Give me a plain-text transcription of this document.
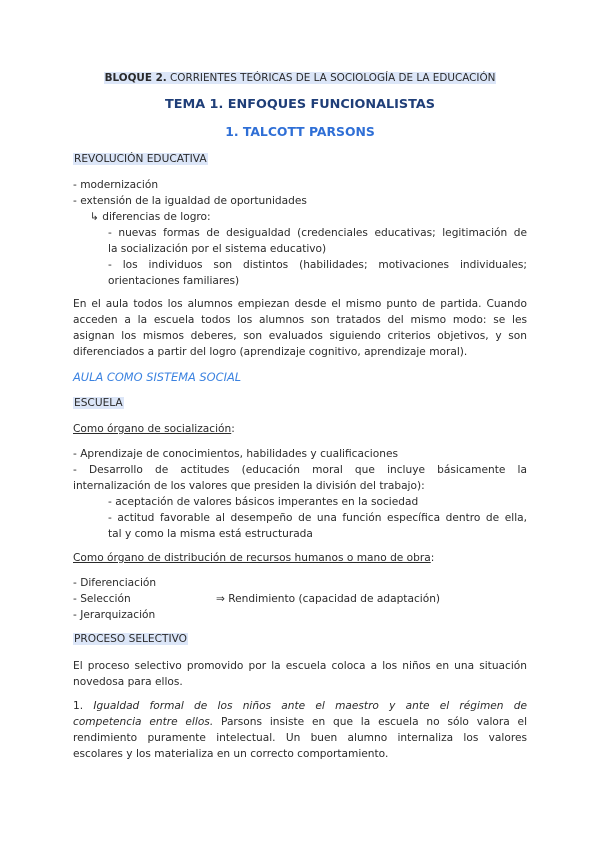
BLOQUE 2. CORRIENTES TEÓRICAS DE LA SOCIOLOGÍA DE LA EDUCACIÓN
TEMA 1. ENFOQUES FUNCIONALISTAS
1. TALCOTT PARSONS
REVOLUCIÓN EDUCATIVA
- modernización
- extensión de la igualdad de oportunidades
↳ diferencias de logro:
- nuevas formas de desigualdad (credenciales educativas; legitimación de
la socialización por el sistema educativo)
- los individuos son distintos (habilidades; motivaciones individuales;
orientaciones familiares)
En el aula todos los alumnos empiezan desde el mismo punto de partida. Cuando
acceden a la escuela todos los alumnos son tratados del mismo modo: se les
asignan los mismos deberes, son evaluados siguiendo criterios objetivos, y son
diferenciados a partir del logro (aprendizaje cognitivo, aprendizaje moral).
AULA COMO SISTEMA SOCIAL
ESCUELA
Como órgano de socialización:
- Aprendizaje de conocimientos, habilidades y cualificaciones
- Desarrollo de actitudes (educación moral que incluye básicamente la
internalización de los valores que presiden la división del trabajo):
- aceptación de valores básicos imperantes en la sociedad
- actitud favorable al desempeño de una función específica dentro de ella,
tal y como la misma está estructurada
Como órgano de distribución de recursos humanos o mano de obra:
- Diferenciación
- Selección	⇒ Rendimiento (capacidad de adaptación)
- Jerarquización
PROCESO SELECTIVO
El proceso selectivo promovido por la escuela coloca a los niños en una situación
novedosa para ellos.
1. Igualdad formal de los niños ante el maestro y ante el régimen de
competencia entre ellos. Parsons insiste en que la escuela no sólo valora el
rendimiento puramente intelectual. Un buen alumno internaliza los valores
escolares y los materializa en un correcto comportamiento.
